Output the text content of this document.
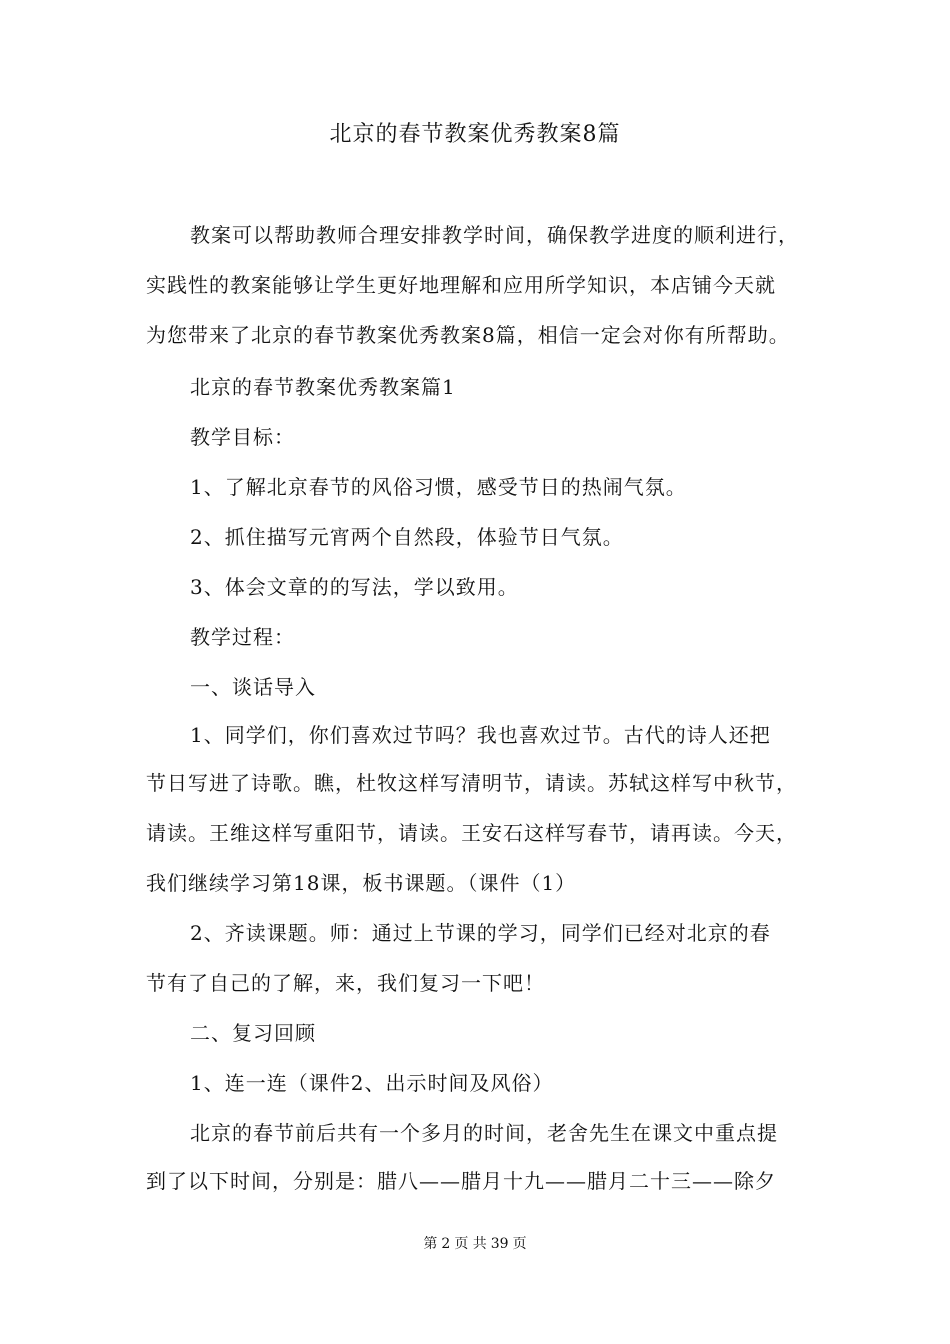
北京的春节教案优秀教案8篇
教案可以帮助教师合理安排教学时间，确保教学进度的顺利进行，
实践性的教案能够让学生更好地理解和应用所学知识，本店铺今天就
为您带来了北京的春节教案优秀教案8篇，相信一定会对你有所帮助。
北京的春节教案优秀教案篇1
教学目标：
1、了解北京春节的风俗习惯，感受节日的热闹气氛。
2、抓住描写元宵两个自然段，体验节日气氛。
3、体会文章的的写法，学以致用。
教学过程：
一、谈话导入
1、同学们，你们喜欢过节吗？我也喜欢过节。古代的诗人还把
节日写进了诗歌。瞧，杜牧这样写清明节，请读。苏轼这样写中秋节，
请读。王维这样写重阳节，请读。王安石这样写春节，请再读。今天，
我们继续学习第18课，板书课题。（课件（1）
2、齐读课题。师：通过上节课的学习，同学们已经对北京的春
节有了自己的了解，来，我们复习一下吧！
二、复习回顾
1、连一连（课件2、出示时间及风俗）
北京的春节前后共有一个多月的时间，老舍先生在课文中重点提
到了以下时间，分别是：腊八——腊月十九——腊月二十三——除夕
第 2 页 共 39 页
